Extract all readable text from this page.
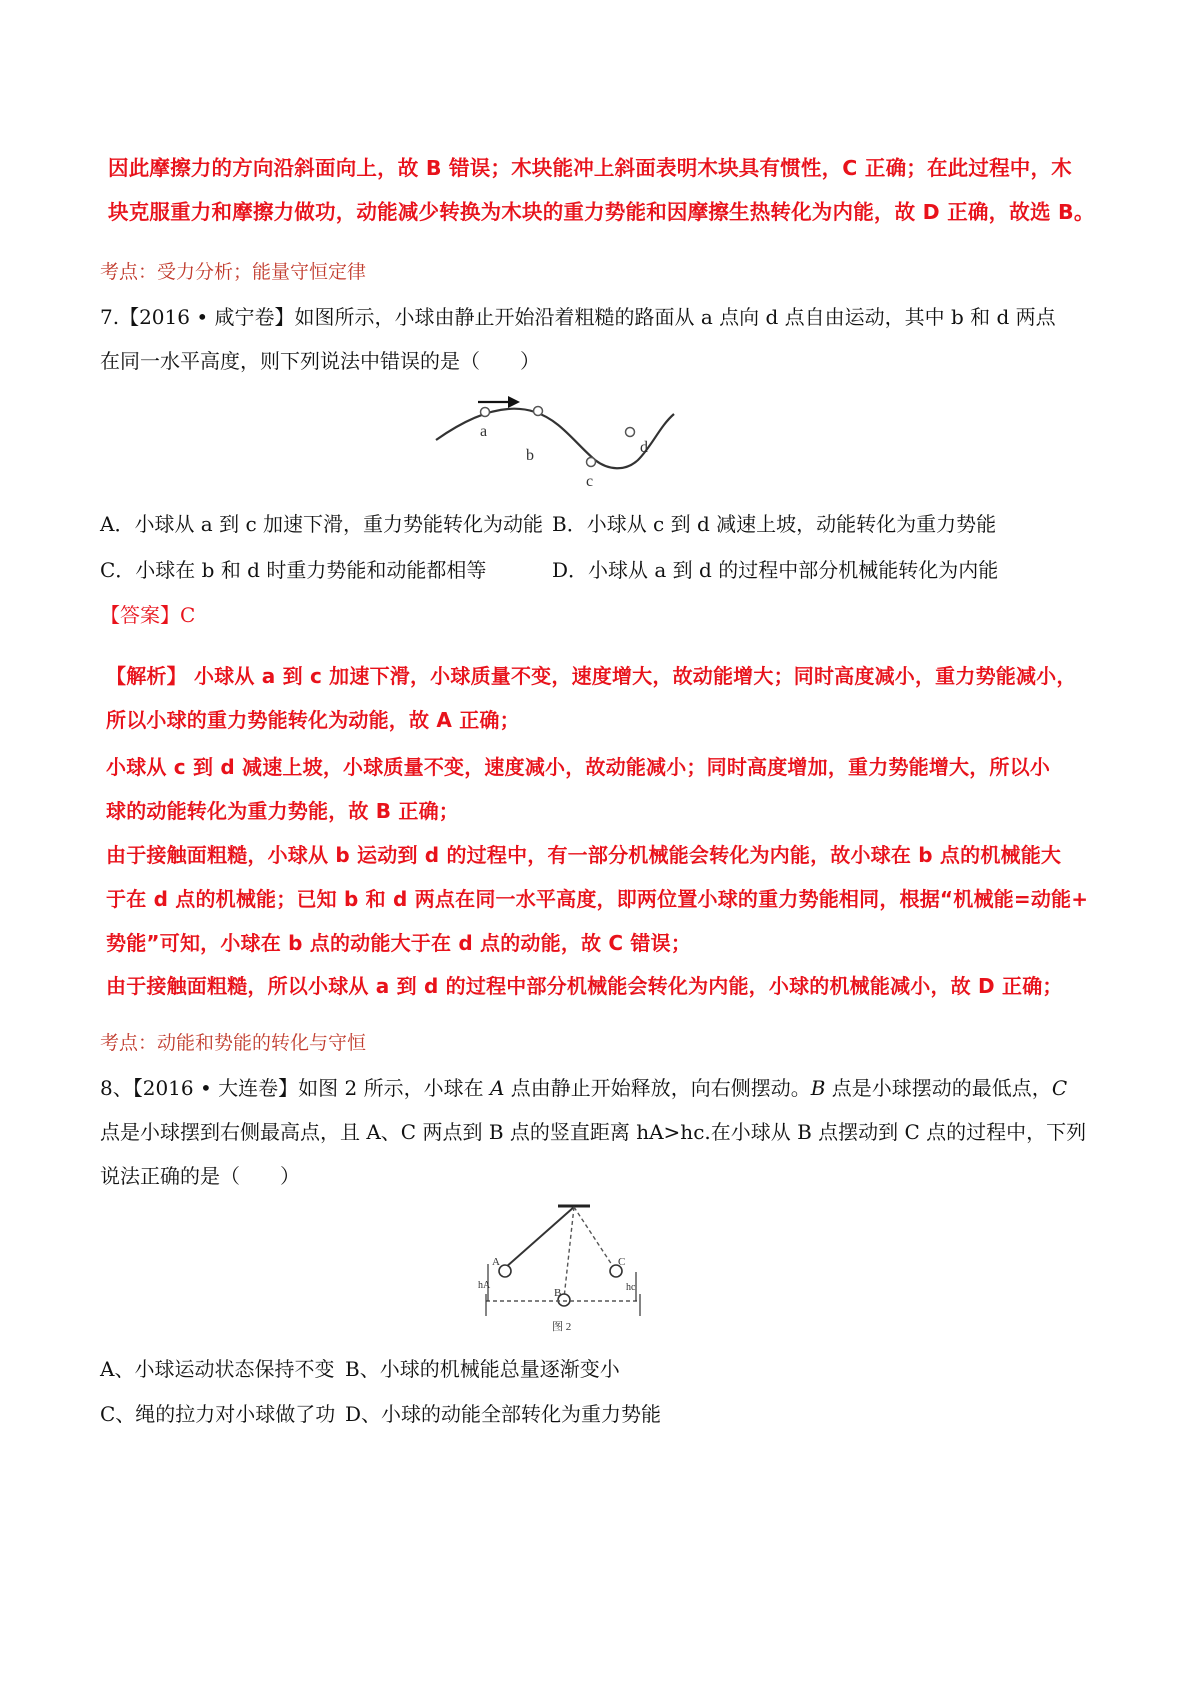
因此摩擦力的方向沿斜面向上，故 B 错误；木块能冲上斜面表明木块具有惯性，C 正确；在此过程中，木
块克服重力和摩擦力做功，动能减少转换为木块的重力势能和因摩擦生热转化为内能，故 D 正确，故选 B。
考点：受力分析；能量守恒定律
7.【2016 • 咸宁卷】如图所示，小球由静止开始沿着粗糙的路面从 a 点向 d 点自由运动，其中 b 和 d 两点
在同一水平高度，则下列说法中错误的是（　　）
a
b
c
d
A．小球从 a 到 c 加速下滑，重力势能转化为动能 B．小球从 c 到 d 减速上坡，动能转化为重力势能
C．小球在 b 和 d 时重力势能和动能都相等	D．小球从 a 到 d 的过程中部分机械能转化为内能
【答案】C
【解析】 小球从 a 到 c 加速下滑，小球质量不变，速度增大，故动能增大；同时高度减小，重力势能减小，
所以小球的重力势能转化为动能，故 A 正确；
小球从 c 到 d 减速上坡，小球质量不变，速度减小，故动能减小；同时高度增加，重力势能增大，所以小
球的动能转化为重力势能，故 B 正确；
由于接触面粗糙，小球从 b 运动到 d 的过程中，有一部分机械能会转化为内能，故小球在 b 点的机械能大
于在 d 点的机械能；已知 b 和 d 两点在同一水平高度，即两位置小球的重力势能相同，根据“机械能=动能+
势能”可知，小球在 b 点的动能大于在 d 点的动能，故 C 错误；
由于接触面粗糙，所以小球从 a 到 d 的过程中部分机械能会转化为内能，小球的机械能减小，故 D 正确；
考点：动能和势能的转化与守恒
8、【2016 • 大连卷】如图 2 所示，小球在 A 点由静止开始释放，向右侧摆动。B 点是小球摆动的最低点，C
点是小球摆到右侧最高点，且 A、C 两点到 B 点的竖直距离 hA>hc.在小球从 B 点摆动到 C 点的过程中，下列
说法正确的是（　　）
A
B
C
hA	hc
图 2
A、小球运动状态保持不变 B、小球的机械能总量逐渐变小
C、绳的拉力对小球做了功 D、小球的动能全部转化为重力势能
